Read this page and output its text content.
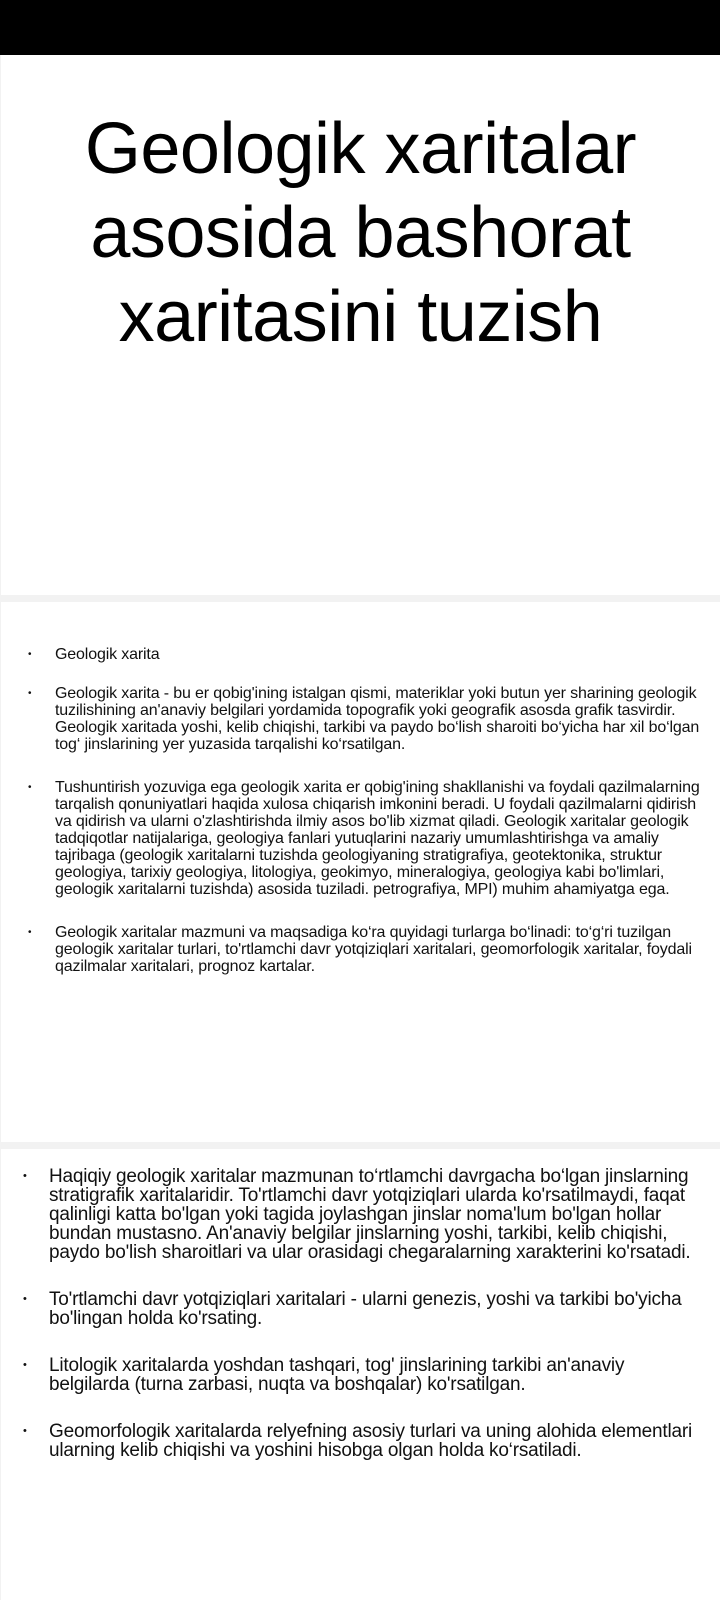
Geologik xaritalar asosida bashorat xaritasini tuzish
• Geologik xarita
• Geologik xarita - bu er qobig'ining istalgan qismi, materiklar yoki butun yer sharining geologik tuzilishining an'anaviy belgilari yordamida topografik yoki geografik asosda grafik tasvirdir. Geologik xaritada yoshi, kelib chiqishi, tarkibi va paydo bo‘lish sharoiti bo‘yicha har xil bo‘lgan tog‘ jinslarining yer yuzasida tarqalishi ko‘rsatilgan.
• Tushuntirish yozuviga ega geologik xarita er qobig'ining shakllanishi va foydali qazilmalarning tarqalish qonuniyatlari haqida xulosa chiqarish imkonini beradi. U foydali qazilmalarni qidirish va qidirish va ularni o'zlashtirishda ilmiy asos bo'lib xizmat qiladi. Geologik xaritalar geologik tadqiqotlar natijalariga, geologiya fanlari yutuqlarini nazariy umumlashtirishga va amaliy tajribaga (geologik xaritalarni tuzishda geologiyaning stratigrafiya, geotektonika, struktur geologiya, tarixiy geologiya, litologiya, geokimyo, mineralogiya, geologiya kabi bo'limlari, geologik xaritalarni tuzishda) asosida tuziladi. petrografiya, MPI) muhim ahamiyatga ega.
• Geologik xaritalar mazmuni va maqsadiga ko‘ra quyidagi turlarga bo‘linadi: to‘g‘ri tuzilgan geologik xaritalar turlari, to'rtlamchi davr yotqiziqlari xaritalari, geomorfologik xaritalar, foydali qazilmalar xaritalari, prognoz kartalar.
• Haqiqiy geologik xaritalar mazmunan to‘rtlamchi davrgacha bo‘lgan jinslarning stratigrafik xaritalaridir. To'rtlamchi davr yotqiziqlari ularda ko'rsatilmaydi, faqat qalinligi katta bo'lgan yoki tagida joylashgan jinslar noma'lum bo'lgan hollar bundan mustasno. An'anaviy belgilar jinslarning yoshi, tarkibi, kelib chiqishi, paydo bo'lish sharoitlari va ular orasidagi chegaralarning xarakterini ko'rsatadi.
• To'rtlamchi davr yotqiziqlari xaritalari - ularni genezis, yoshi va tarkibi bo'yicha bo'lingan holda ko'rsating.
• Litologik xaritalarda yoshdan tashqari, tog' jinslarining tarkibi an'anaviy belgilarda (turna zarbasi, nuqta va boshqalar) ko'rsatilgan.
• Geomorfologik xaritalarda relyefning asosiy turlari va uning alohida elementlari ularning kelib chiqishi va yoshini hisobga olgan holda ko‘rsatiladi.
